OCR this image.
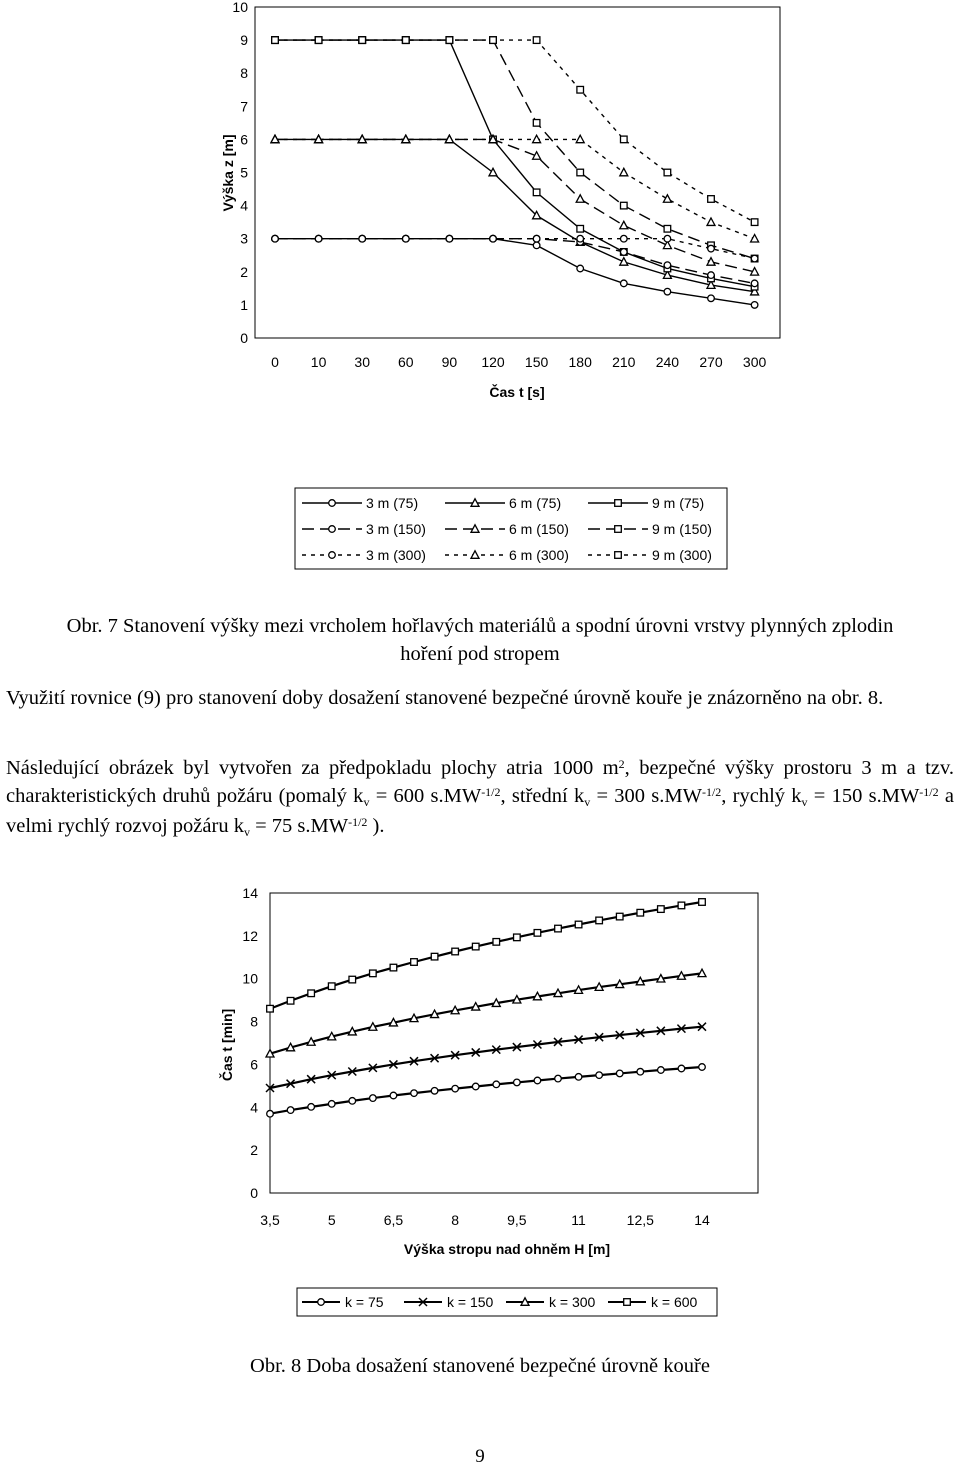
0
1
2
3
4
5
6
7
8
9
10
0 10 30 60 90 120 150 180 210 240 270 300
Čas t [s]
Výška z [m]
3 m (75)	6 m (75)	9 m (75)
3 m (150)	6 m (150)	9 m (150)
3 m (300)	6 m (300)	9 m (300)
0
2
4
6
8
10
12
14
3,5	5	6,5	8	9,5	11	12,5	14
Výška stropu nad ohněm H [m]
Čas t [min]
k = 75	k = 150	k = 300	k = 600
Obr. 7 Stanovení výšky mezi vrcholem hořlavých materiálů a spodní úrovni vrstvy plynných zplodin hoření pod stropem
Využití rovnice (9) pro stanovení doby dosažení stanovené bezpečné úrovně kouře je znázorněno na obr. 8.
Následující obrázek byl vytvořen za předpokladu plochy atria 1000 $m^2$, bezpečné výšky prostoru 3 m a tzv. charakteristických druhů požáru (pomalý $k_v = 600$ $s.MW^{-1/2}$, střední $k_v = 300$ $s.MW^{-1/2}$, rychlý $k_v = 150$ $s.MW^{-1/2}$ a velmi rychlý rozvoj požáru $k_v = 75$ $s.MW^{-1/2}$ ).
Obr. 8 Doba dosažení stanovené bezpečné úrovně kouře
9
